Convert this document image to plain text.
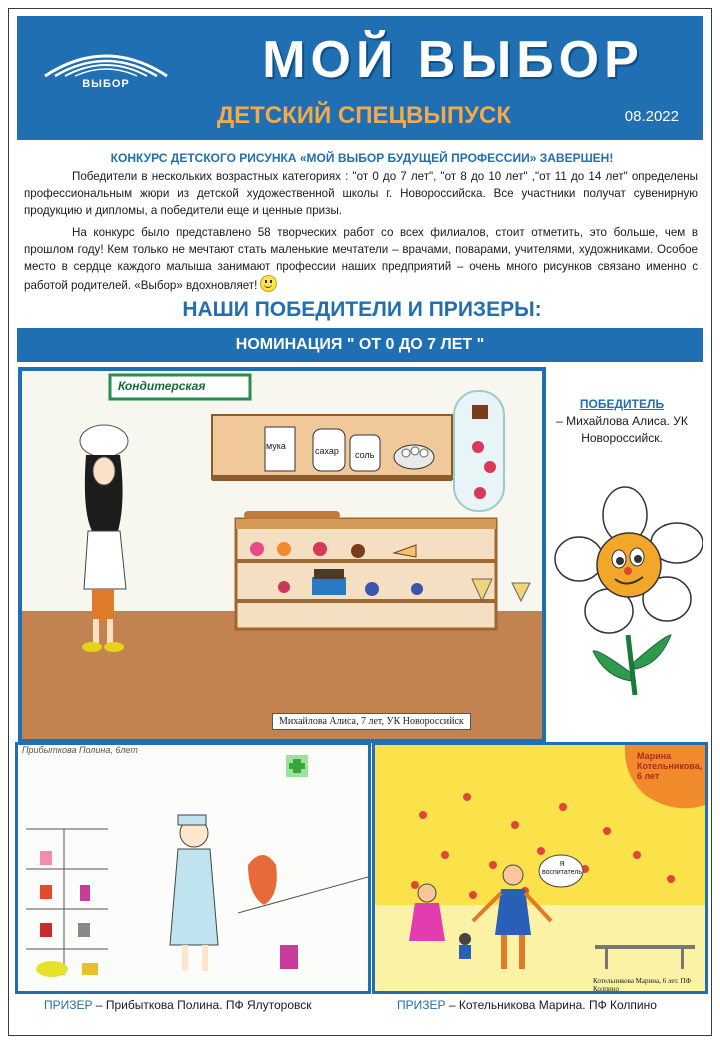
ВЫБОР	МОЙ ВЫБОР
ДЕТСКИЙ СПЕЦВЫПУСК	08.2022
КОНКУРС ДЕТСКОГО РИСУНКА «МОЙ ВЫБОР БУДУЩЕЙ ПРОФЕССИИ» ЗАВЕРШЕН!
Победители в нескольких возрастных категориях : "от 0 до 7 лет", "от 8 до 10 лет" ,"от 11 до 14 лет" определены профессиональным жюри из детской художественной школы г. Новороссийска. Все участники получат сувенирную продукцию и дипломы, а победители еще и ценные призы.
На конкурс было представлено 58 творческих работ со всех филиалов, стоит отметить, это больше, чем в прошлом году! Кем только не мечтают стать маленькие мечтатели – врачами, поварами, учителями, художниками. Особое место в сердце каждого малыша занимают профессии наших предприятий – очень много рисунков связано именно с работой родителей. «Выбор» вдохновляет!
НАШИ ПОБЕДИТЕЛИ И ПРИЗЕРЫ:
НОМИНАЦИЯ " ОТ 0 ДО 7 ЛЕТ "
Михайлова Алиса, 7 лет, УК Новороссийск
Кондитерская
мука	сахар соль
ПОБЕДИТЕЛЬ
– Михайлова Алиса. УК Новороссийск.
Прибыткова Полина, 6лет
Марина Котельникова, 6 лет
Я воспитатель
Котельникова Марина, 6 лет. ПФ Колпино
ПРИЗЕР – Прибыткова Полина. ПФ Ялуторовск	ПРИЗЕР – Котельникова Марина. ПФ Колпино
